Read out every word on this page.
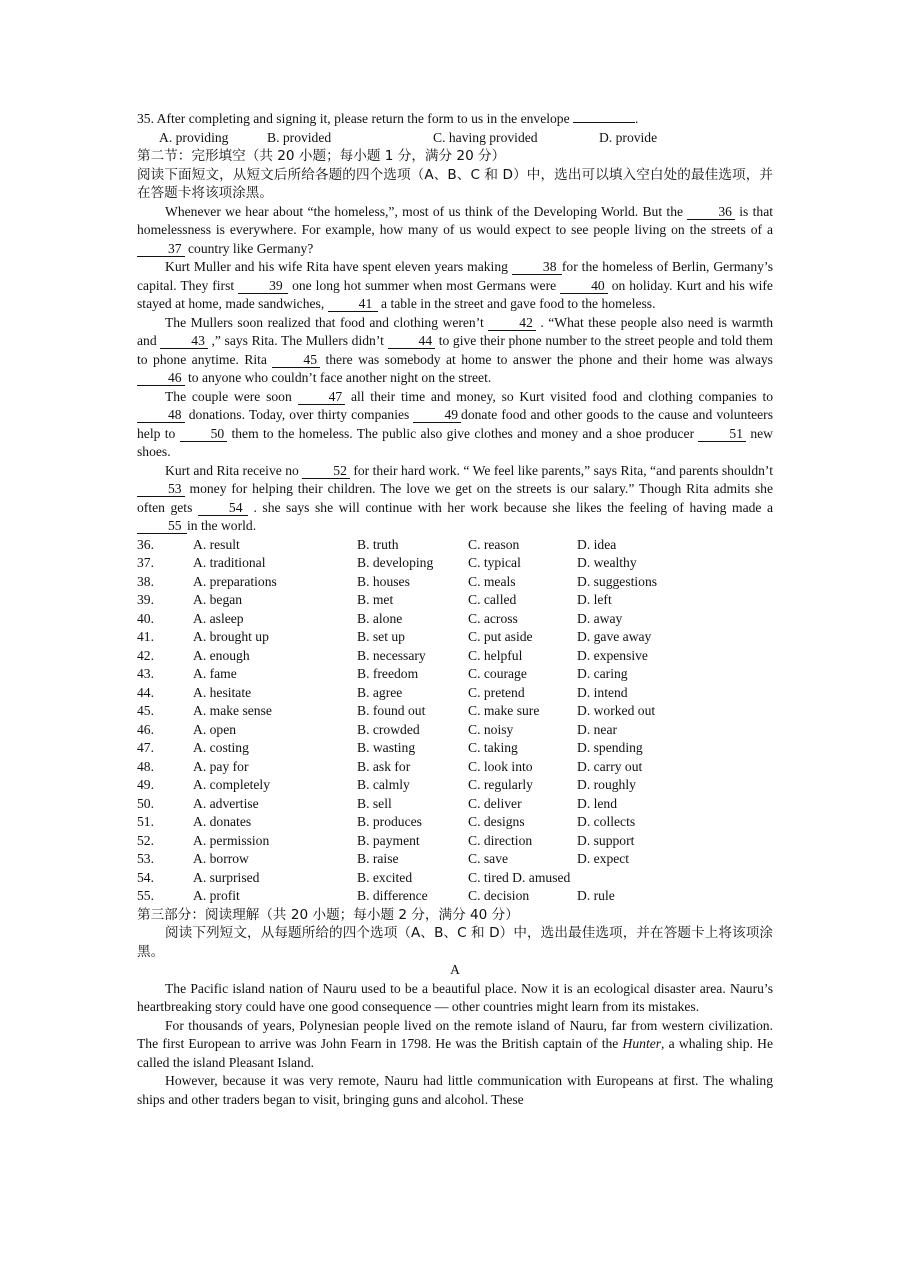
35. After completing and signing it, please return the form to us in the envelope	.

A. providing	B. provided	C. having provided	D. provide

第二节：完形填空（共 20 小题；每小题 1 分，满分 20 分）

阅读下面短文，从短文后所给各题的四个选项（A、B、C 和 D）中，选出可以填入空白处的最佳选项，并在答题卡将该项涂黑。

Whenever we hear about “the homeless,”, most of us think of the Developing World. But the	36 is that homelessness is everywhere. For example, how many of us would expect to see people living on the streets of a 37 country like Germany?

Kurt Muller and his wife Rita have spent eleven years making	38 for the homeless of Berlin, Germany’s capital. They first	39 one long hot summer when most Germans were	40 on holiday. Kurt and his wife stayed at home, made sandwiches,	41 a table in the street and gave food to the homeless.

The Mullers soon realized that food and clothing weren’t	42 . “What these people also need is warmth and	43 ,” says Rita. The Mullers didn’t	44 to give their phone number to the street people and told them to phone anytime. Rita	45 there was somebody at home to answer the phone and their home was always 46 to anyone who couldn’t face another night on the street.

The couple were soon	47 all their time and money, so Kurt visited food and clothing companies to 48 donations. Today, over thirty companies	49 donate food and other goods to the cause and volunteers help to	50 them to the homeless. The public also give clothes and money and a shoe producer	51 new shoes.

Kurt and Rita receive no	52 for their hard work. “ We feel like parents,” says Rita, “and parents shouldn’t 53 money for helping their children. The love we get on the streets is our salary.” Though Rita admits she often gets	54 . she says she will continue with her work because she likes the feeling of having made a 55 in the world.

36.	A. result	B. truth	C. reason	D. idea
37.	A. traditional	B. developing	C. typical	D. wealthy
38.	A. preparations	B. houses	C. meals	D. suggestions
39.	A. began	B. met	C. called	D. left
40.	A. asleep	B. alone	C. across	D. away
41.	A. brought up	B. set up	C. put aside	D. gave away
42.	A. enough	B. necessary	C. helpful	D. expensive
43.	A. fame	B. freedom	C. courage	D. caring
44.	A. hesitate	B. agree	C. pretend	D. intend
45.	A. make sense	B. found out	C. make sure	D. worked out
46.	A. open	B. crowded	C. noisy	D. near
47.	A. costing	B. wasting	C. taking	D. spending
48.	A. pay for	B. ask for	C. look into	D. carry out
49.	A. completely	B. calmly	C. regularly	D. roughly
50.	A. advertise	B. sell	C. deliver	D. lend
51.	A. donates	B. produces	C. designs	D. collects
52.	A. permission	B. payment	C. direction	D. support
53.	A. borrow	B. raise	C. save	D. expect
54.	A. surprised	B. excited	C. tired D. amused	
55.	A. profit	B. difference	C. decision	D. rule

第三部分：阅读理解（共 20 小题；每小题 2 分，满分 40 分）

阅读下列短文，从每题所给的四个选项（A、B、C 和 D）中，选出最佳选项，并在答题卡上将该项涂黑。

A

The Pacific island nation of Nauru used to be a beautiful place. Now it is an ecological disaster area. Nauru’s heartbreaking story could have one good consequence — other countries might learn from its mistakes.

For thousands of years, Polynesian people lived on the remote island of Nauru, far from western civilization. The first European to arrive was John Fearn in 1798. He was the British captain of the Hunter, a whaling ship. He called the island Pleasant Island.

However, because it was very remote, Nauru had little communication with Europeans at first. The whaling ships and other traders began to visit, bringing guns and alcohol. These
